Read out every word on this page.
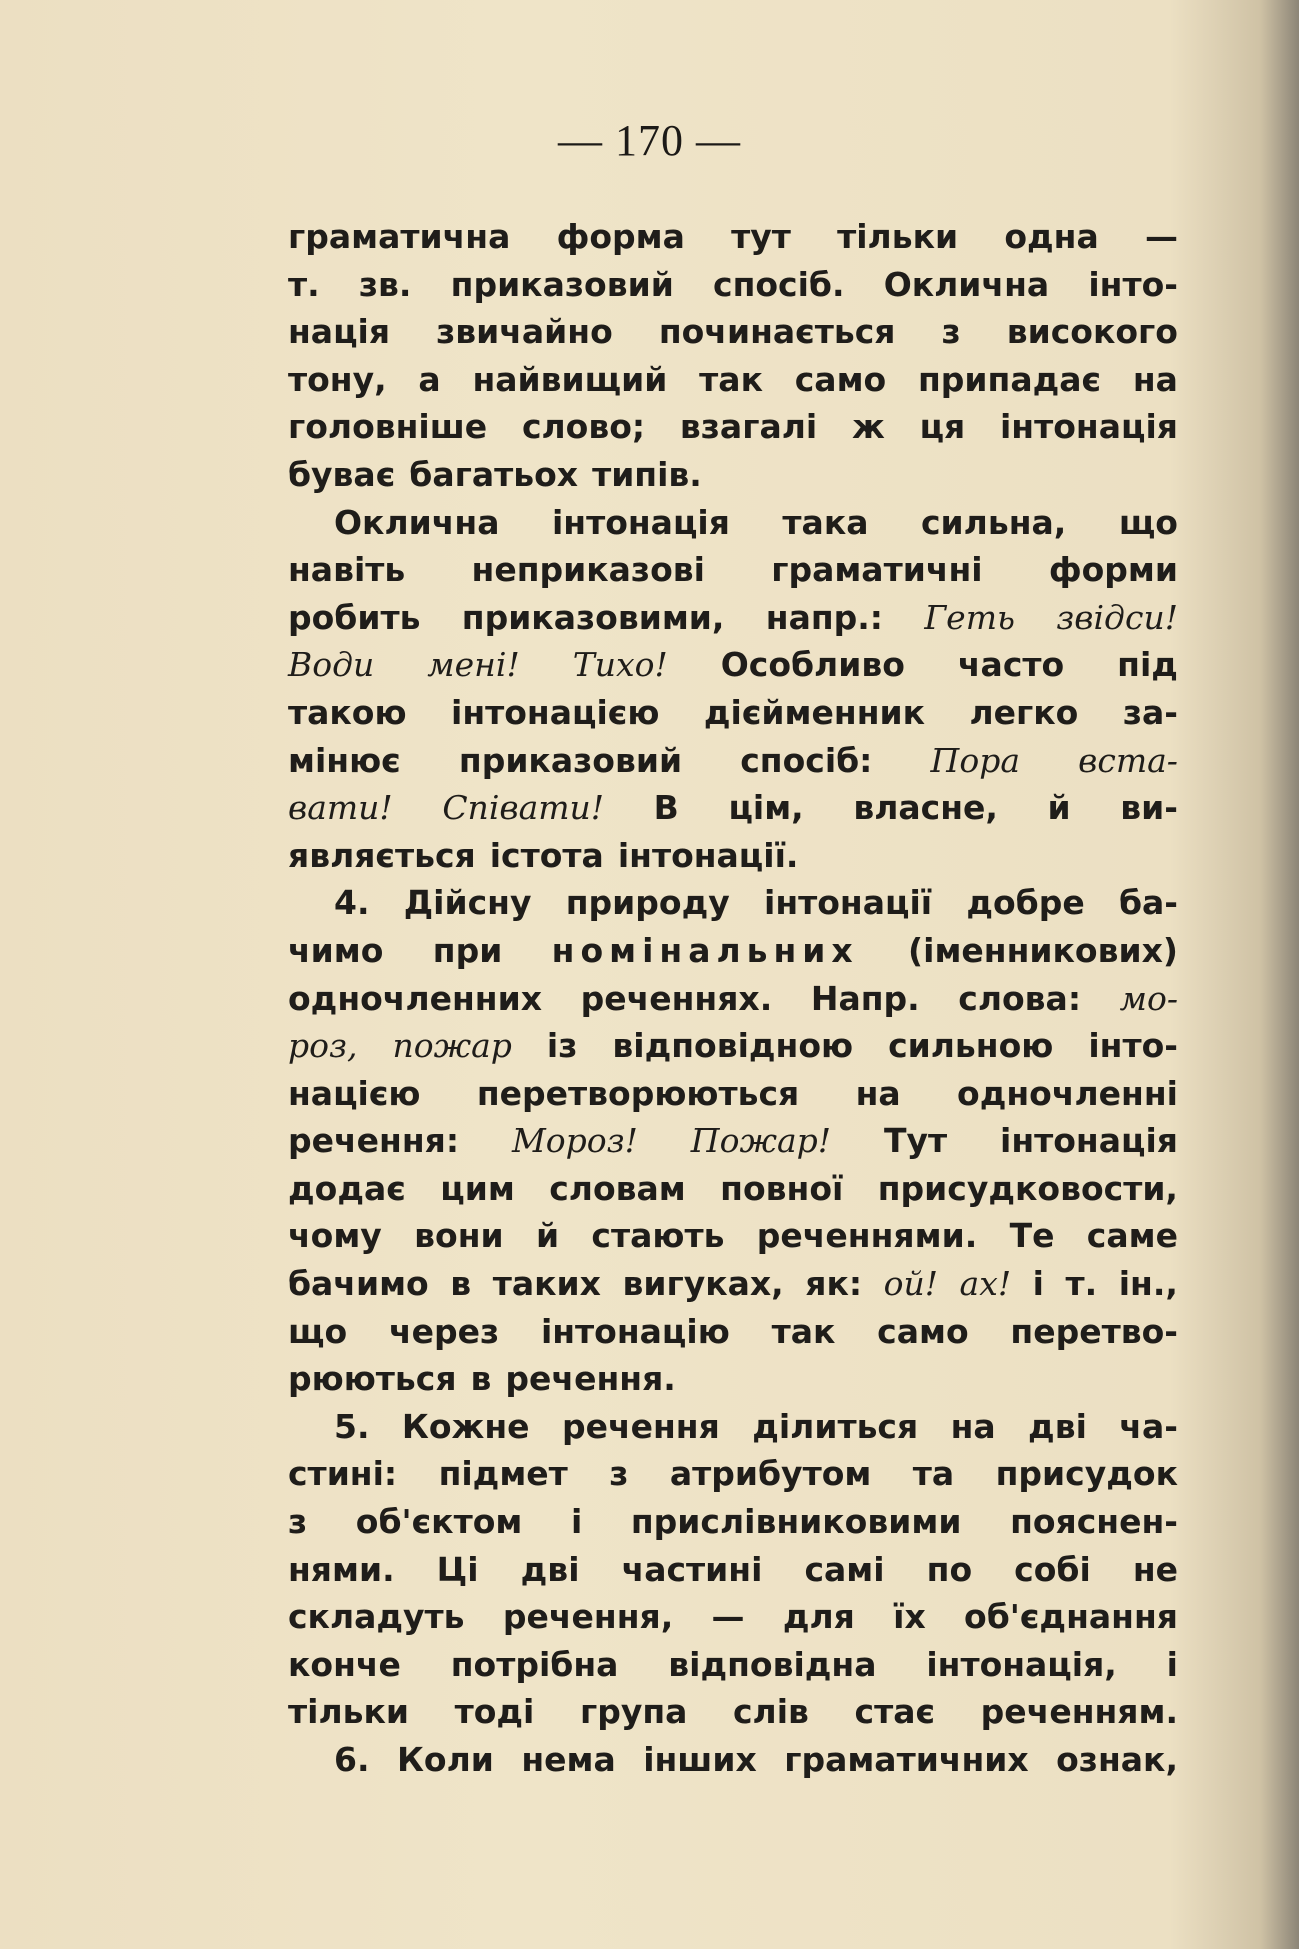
— 170 —
граматична форма тут тільки одна —
т. зв. приказовий спосіб. Оклична інто-
нація звичайно починається з високого
тону, а найвищий так само припадає на
головніше слово; взагалі ж ця інтонація
буває багатьох типів.
Оклична інтонація така сильна, що
навіть неприказові граматичні форми
робить приказовими, напр.: Геть звідси!
Води мені! Тихо! Особливо часто під
такою інтонацією дієйменник легко за-
мінює приказовий спосіб: Пора вста-
вати! Співати! В цім, власне, й ви-
являється істота інтонації.
4. Дійсну природу інтонації добре ба-
чимо при номінальних (іменникових)
одночленних реченнях. Напр. слова: мо-
роз, пожар із відповідною сильною інто-
нацією перетворюються на одночленні
речення: Мороз! Пожар! Тут інтонація
додає цим словам повної присудковости,
чому вони й стають реченнями. Те саме
бачимо в таких вигуках, як: ой! ах! і т. ін.,
що через інтонацію так само перетво-
рюються в речення.
5. Кожне речення ділиться на дві ча-
стині: підмет з атрибутом та присудок
з об'єктом і прислівниковими пояснен-
нями. Ці дві частині самі по собі не
складуть речення, — для їх об'єднання
конче потрібна відповідна інтонація, і
тільки тоді група слів стає реченням.
6. Коли нема інших граматичних ознак,
